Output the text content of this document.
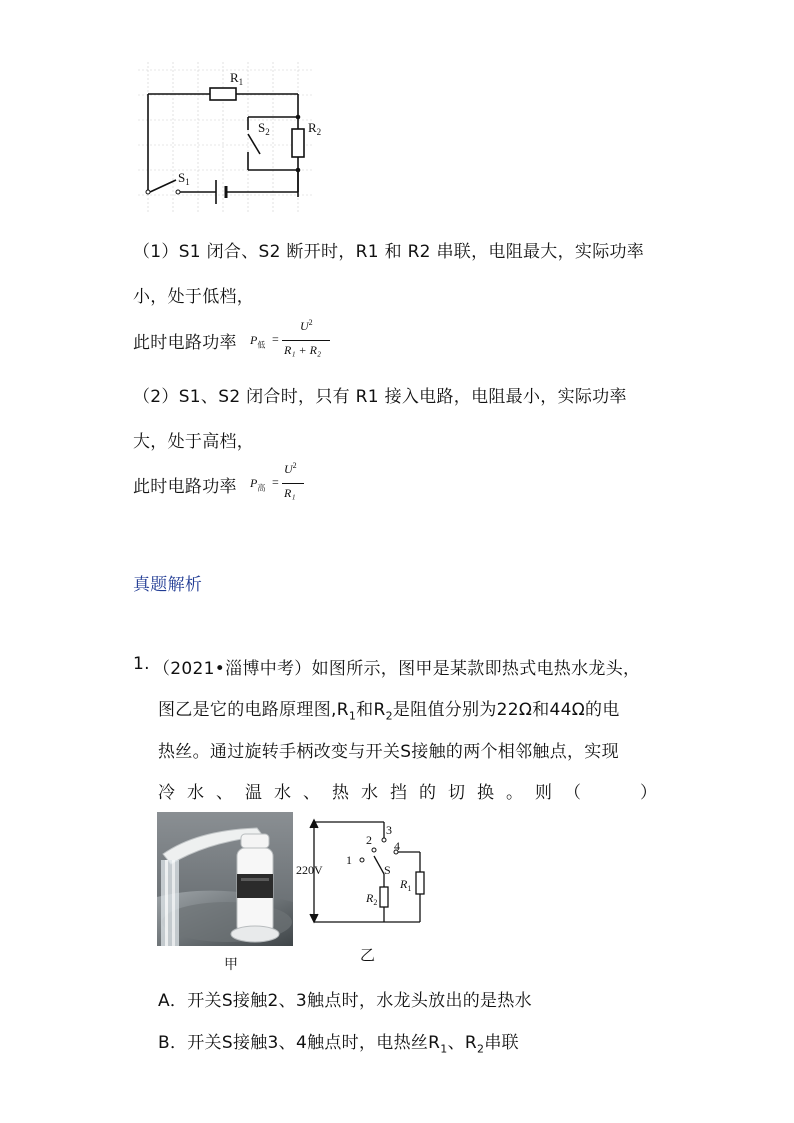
$R_1$
$R_2$
$S_2$
$S_1$
（1）S1 闭合、S2 断开时，R1 和 R2 串联，电阻最大，实际功率
小，处于低档，
此时电路功率 $P_低$ =
$U^2$
R₁ + R₂
（2）S1、S2 闭合时，只有 R1 接入电路，电阻最小，实际功率
大，处于高档，
此时电路功率 $P_高$ =
$U^2$
R₁
真题解析
1. （2021•淄博中考）如图所示，图甲是某款即热式电热水龙头，
图乙是它的电路原理图$,R_1$和$R_2$是阻值分别为22Ω和44Ω的电
热丝。通过旋转手柄改变与开关S接触的两个相邻触点，实现
冷水、温水、热水挡的切换。则（	）
甲
220V
1
2
3
4
S
$R_2$
$R_1$
乙
A．开关S接触2、3触点时，水龙头放出的是热水
B．开关S接触3、4触点时，电热丝$R_1$、$R_2$串联
